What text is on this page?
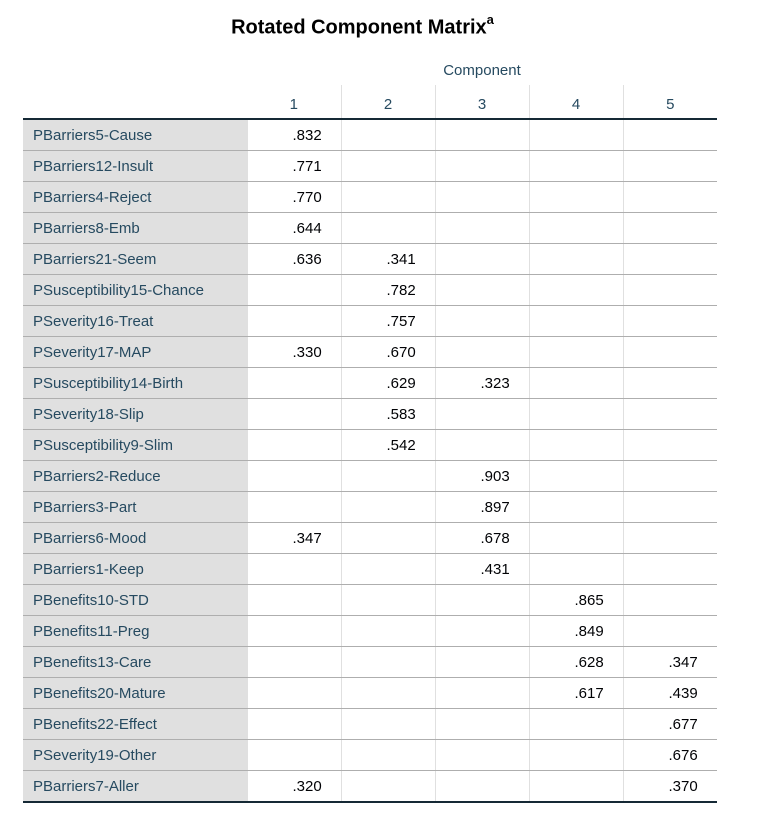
Rotated Component Matrix$^a$
Component
	1	2	3	4	5
PBarriers5-Cause	.832				
PBarriers12-Insult	.771				
PBarriers4-Reject	.770				
PBarriers8-Emb	.644				
PBarriers21-Seem	.636	.341			
PSusceptibility15-Chance		.782			
PSeverity16-Treat		.757			
PSeverity17-MAP	.330	.670			
PSusceptibility14-Birth		.629	.323		
PSeverity18-Slip		.583			
PSusceptibility9-Slim		.542			
PBarriers2-Reduce			.903		
PBarriers3-Part			.897		
PBarriers6-Mood	.347		.678		
PBarriers1-Keep			.431		
PBenefits10-STD				.865	
PBenefits11-Preg				.849	
PBenefits13-Care				.628	.347
PBenefits20-Mature				.617	.439
PBenefits22-Effect					.677
PSeverity19-Other					.676
PBarriers7-Aller	.320				.370
